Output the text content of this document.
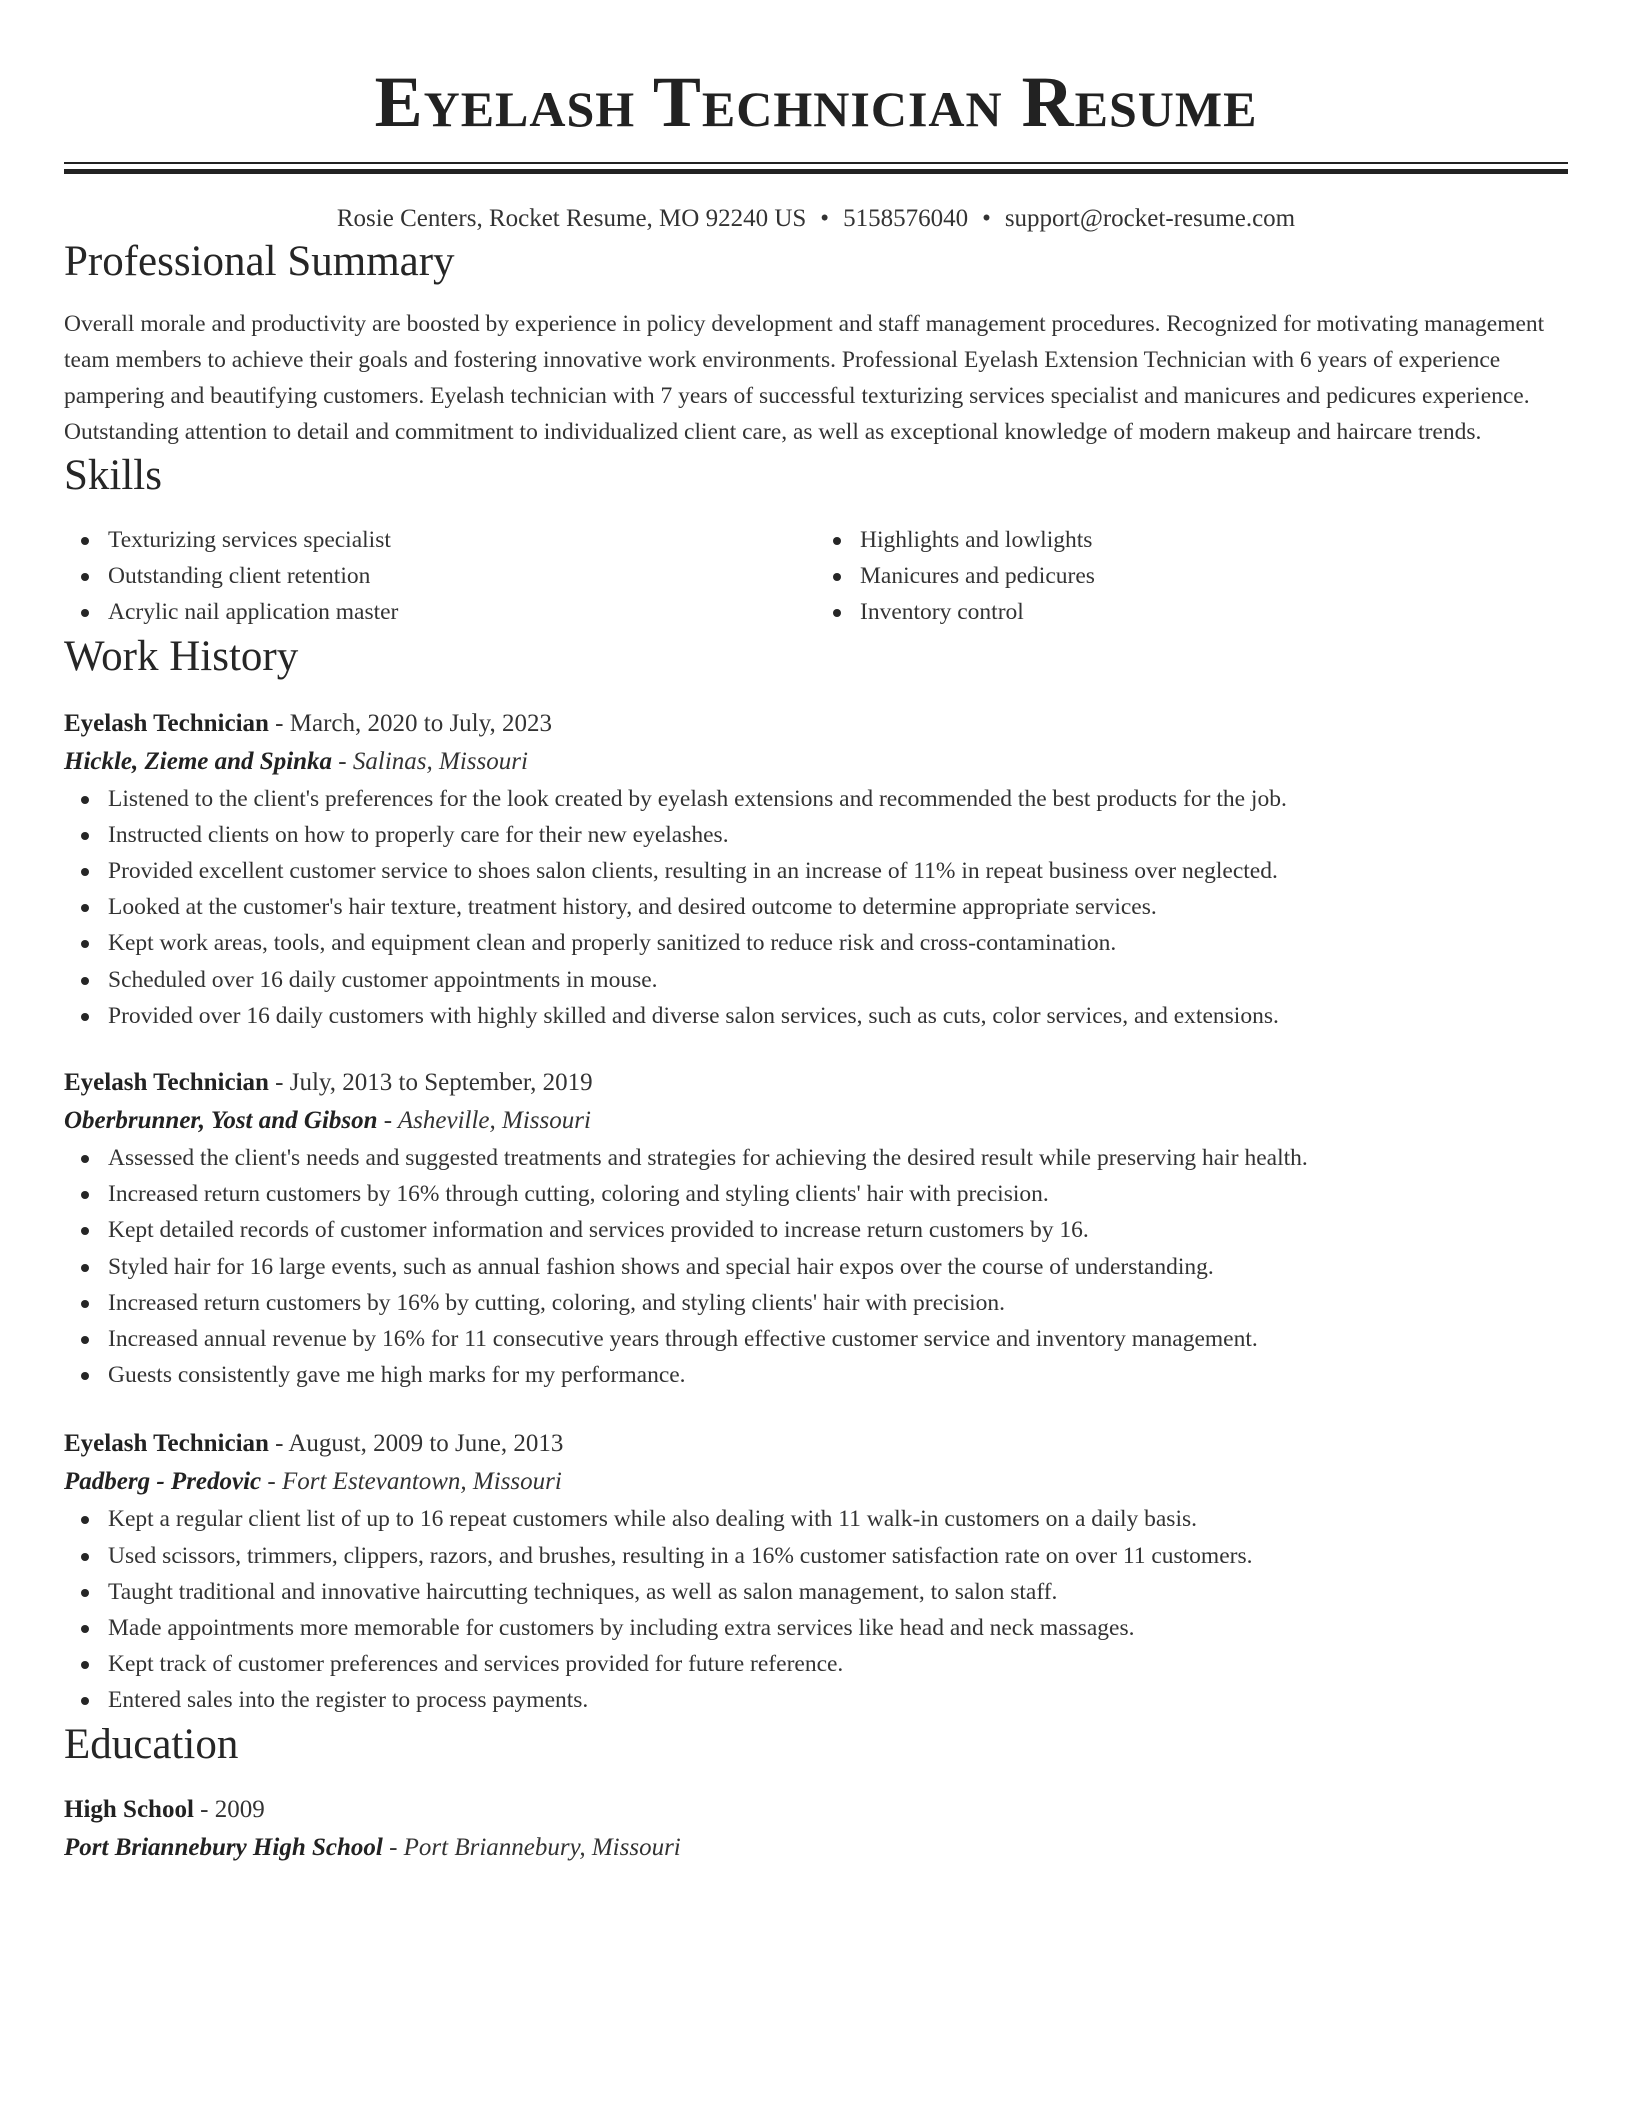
Eyelash Technician Resume
Rosie Centers, Rocket Resume, MO 92240 US • 5158576040 • support@rocket-resume.com
Professional Summary
Overall morale and productivity are boosted by experience in policy development and staff management procedures. Recognized for motivating management team members to achieve their goals and fostering innovative work environments. Professional Eyelash Extension Technician with 6 years of experience pampering and beautifying customers. Eyelash technician with 7 years of successful texturizing services specialist and manicures and pedicures experience. Outstanding attention to detail and commitment to individualized client care, as well as exceptional knowledge of modern makeup and haircare trends.
Skills
Texturizing services specialist
Outstanding client retention
Acrylic nail application master
Highlights and lowlights
Manicures and pedicures
Inventory control
Work History
Eyelash Technician - March, 2020 to July, 2023
Hickle, Zieme and Spinka - Salinas, Missouri
Listened to the client's preferences for the look created by eyelash extensions and recommended the best products for the job.
Instructed clients on how to properly care for their new eyelashes.
Provided excellent customer service to shoes salon clients, resulting in an increase of 11% in repeat business over neglected.
Looked at the customer's hair texture, treatment history, and desired outcome to determine appropriate services.
Kept work areas, tools, and equipment clean and properly sanitized to reduce risk and cross-contamination.
Scheduled over 16 daily customer appointments in mouse.
Provided over 16 daily customers with highly skilled and diverse salon services, such as cuts, color services, and extensions.
Eyelash Technician - July, 2013 to September, 2019
Oberbrunner, Yost and Gibson - Asheville, Missouri
Assessed the client's needs and suggested treatments and strategies for achieving the desired result while preserving hair health.
Increased return customers by 16% through cutting, coloring and styling clients' hair with precision.
Kept detailed records of customer information and services provided to increase return customers by 16.
Styled hair for 16 large events, such as annual fashion shows and special hair expos over the course of understanding.
Increased return customers by 16% by cutting, coloring, and styling clients' hair with precision.
Increased annual revenue by 16% for 11 consecutive years through effective customer service and inventory management.
Guests consistently gave me high marks for my performance.
Eyelash Technician - August, 2009 to June, 2013
Padberg - Predovic - Fort Estevantown, Missouri
Kept a regular client list of up to 16 repeat customers while also dealing with 11 walk-in customers on a daily basis.
Used scissors, trimmers, clippers, razors, and brushes, resulting in a 16% customer satisfaction rate on over 11 customers.
Taught traditional and innovative haircutting techniques, as well as salon management, to salon staff.
Made appointments more memorable for customers by including extra services like head and neck massages.
Kept track of customer preferences and services provided for future reference.
Entered sales into the register to process payments.
Education
High School - 2009
Port Briannebury High School - Port Briannebury, Missouri
